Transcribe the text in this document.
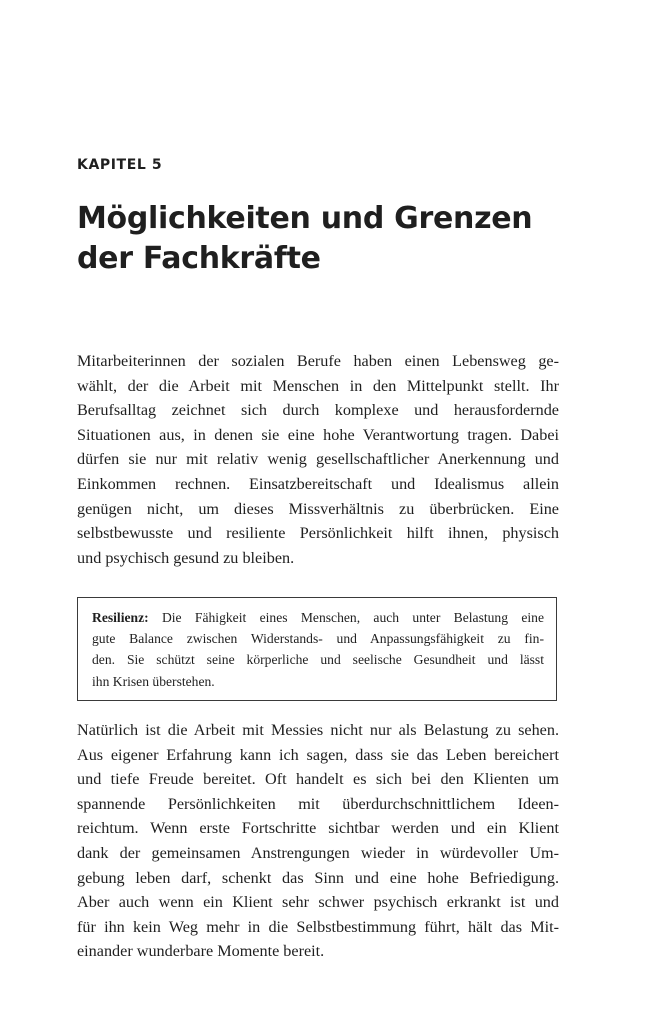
KAPITEL 5
Möglichkeiten und Grenzen
der Fachkräfte
Mitarbeiterinnen der sozialen Berufe haben einen Lebensweg ge-
wählt, der die Arbeit mit Menschen in den Mittelpunkt stellt. Ihr
Berufsalltag zeichnet sich durch komplexe und herausfordernde
Situationen aus, in denen sie eine hohe Verantwortung tragen. Dabei
dürfen sie nur mit relativ wenig gesellschaftlicher Anerkennung und
Einkommen rechnen. Einsatzbereitschaft und Idealismus allein
genügen nicht, um dieses Missverhältnis zu überbrücken. Eine
selbstbewusste und resiliente Persönlichkeit hilft ihnen, physisch
und psychisch gesund zu bleiben.
Resilienz: Die Fähigkeit eines Menschen, auch unter Belastung eine
gute Balance zwischen Widerstands- und Anpassungsfähigkeit zu fin-
den. Sie schützt seine körperliche und seelische Gesundheit und lässt
ihn Krisen überstehen.
Natürlich ist die Arbeit mit Messies nicht nur als Belastung zu sehen.
Aus eigener Erfahrung kann ich sagen, dass sie das Leben bereichert
und tiefe Freude bereitet. Oft handelt es sich bei den Klienten um
spannende Persönlichkeiten mit überdurchschnittlichem Ideen-
reichtum. Wenn erste Fortschritte sichtbar werden und ein Klient
dank der gemeinsamen Anstrengungen wieder in würdevoller Um-
gebung leben darf, schenkt das Sinn und eine hohe Befriedigung.
Aber auch wenn ein Klient sehr schwer psychisch erkrankt ist und
für ihn kein Weg mehr in die Selbstbestimmung führt, hält das Mit-
einander wunderbare Momente bereit.
